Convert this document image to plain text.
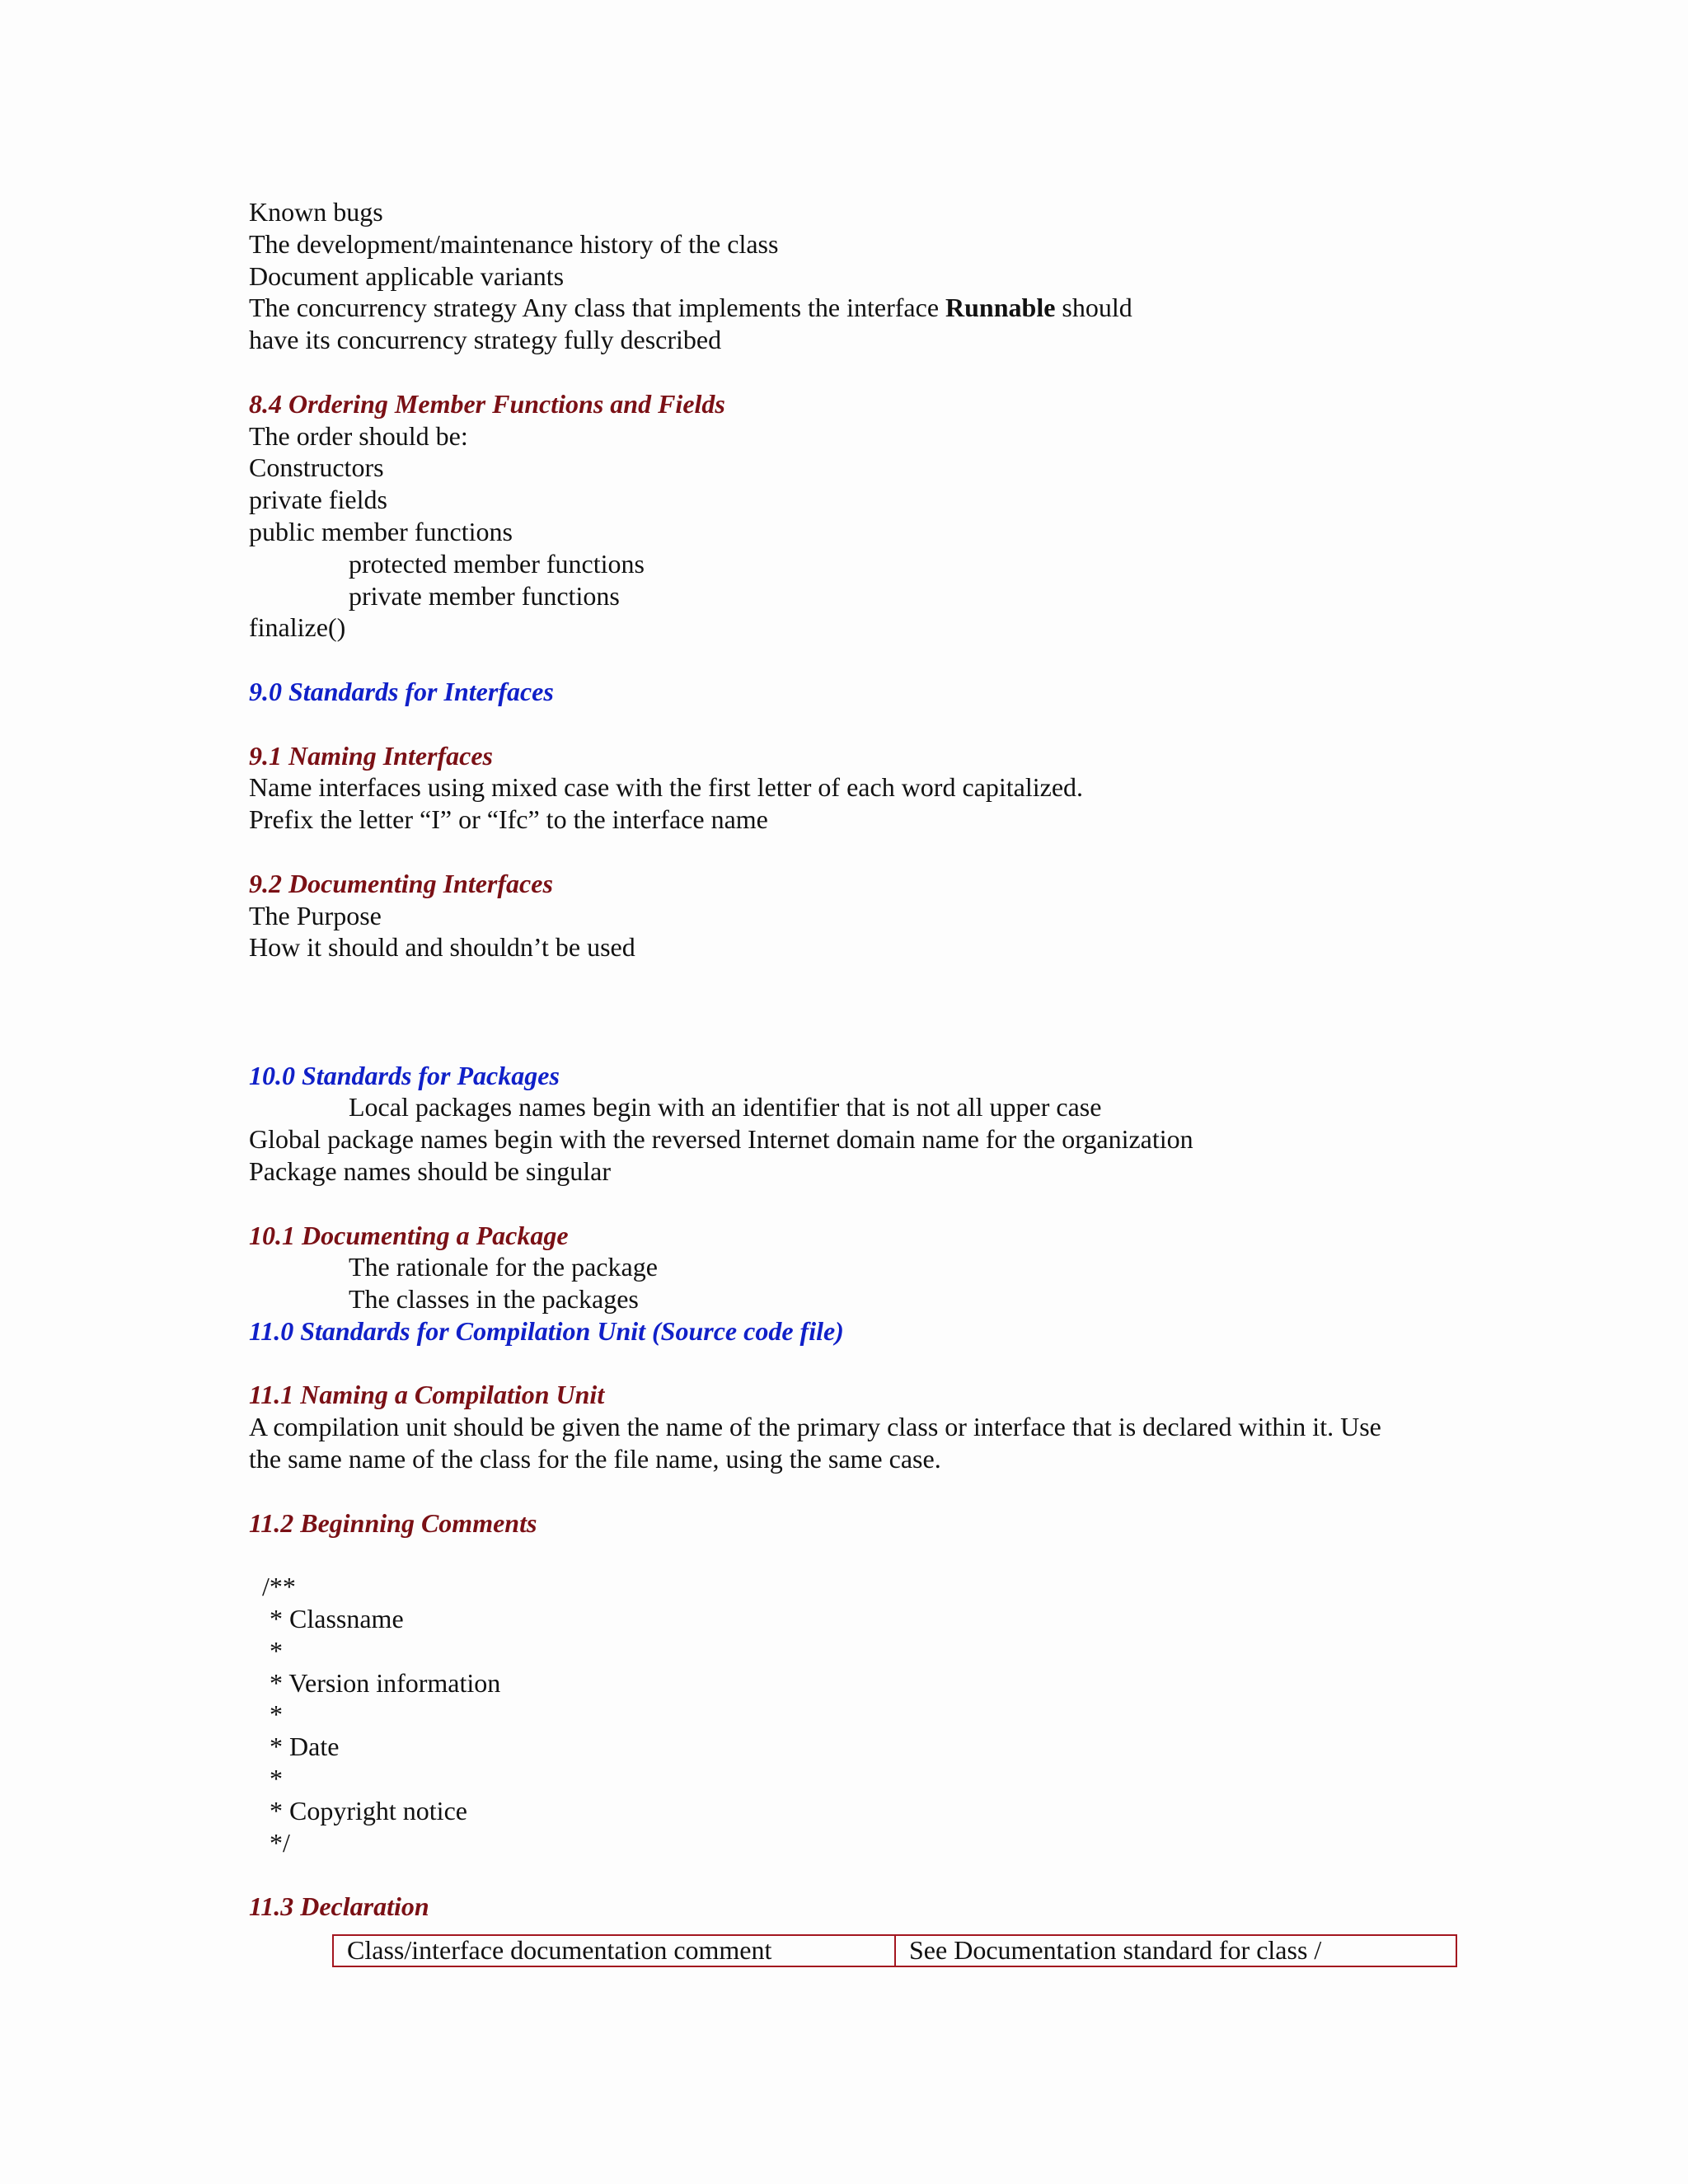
Known bugs
The development/maintenance history of the class
Document applicable variants
The concurrency strategy Any class that implements the interface Runnable should
have its concurrency strategy fully described
8.4 Ordering Member Functions and Fields
The order should be:
Constructors
private fields
public member functions
protected member functions
private member functions
finalize()
9.0 Standards for Interfaces
9.1 Naming Interfaces
Name interfaces using mixed case with the first letter of each word capitalized.
Prefix the letter “I” or “Ifc” to the interface name
9.2 Documenting Interfaces
The Purpose
How it should and shouldn’t be used
10.0 Standards for Packages
Local packages names begin with an identifier that is not all upper case
Global package names begin with the reversed Internet domain name for the organization
Package names should be singular
10.1 Documenting a Package
The rationale for the package
The classes in the packages
11.0 Standards for Compilation Unit (Source code file)
11.1 Naming a Compilation Unit
A compilation unit should be given the name of the primary class or interface that is declared within it. Use
the same name of the class for the file name, using the same case.
11.2 Beginning Comments
/**
* Classname
*
* Version information
*
* Date
*
* Copyright notice
*/
11.3 Declaration
Class/interface documentation comment	See Documentation standard for class /
